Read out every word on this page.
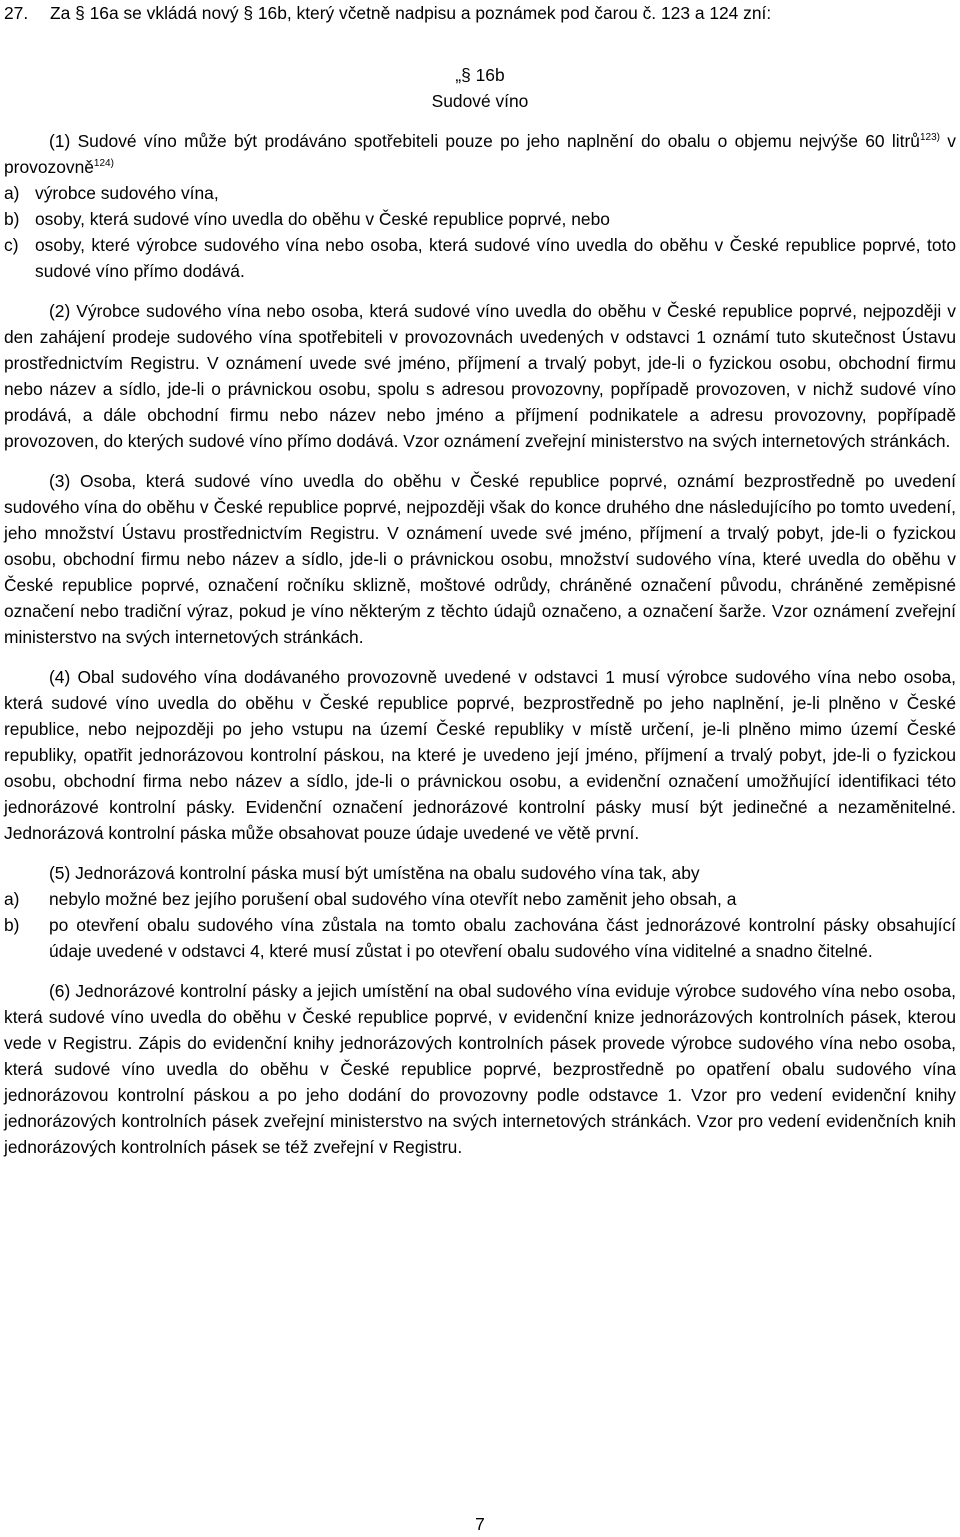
27. Za § 16a se vkládá nový § 16b, který včetně nadpisu a poznámek pod čarou č. 123 a 124 zní:

„§ 16b

Sudové víno

(1) Sudové víno může být prodáváno spotřebiteli pouze po jeho naplnění do obalu o objemu nejvýše 60 litrů$^{123)}$ v provozovně$^{124)}$

a) výrobce sudového vína,
b) osoby, která sudové víno uvedla do oběhu v České republice poprvé, nebo
c) osoby, které výrobce sudového vína nebo osoba, která sudové víno uvedla do oběhu v České republice poprvé, toto sudové víno přímo dodává.

(2) Výrobce sudového vína nebo osoba, která sudové víno uvedla do oběhu v České republice poprvé, nejpozději v den zahájení prodeje sudového vína spotřebiteli v provozovnách uvedených v odstavci 1 oznámí tuto skutečnost Ústavu prostřednictvím Registru. V oznámení uvede své jméno, příjmení a trvalý pobyt, jde-li o fyzickou osobu, obchodní firmu nebo název a sídlo, jde-li o právnickou osobu, spolu s adresou provozovny, popřípadě provozoven, v nichž sudové víno prodává, a dále obchodní firmu nebo název nebo jméno a příjmení podnikatele a adresu provozovny, popřípadě provozoven, do kterých sudové víno přímo dodává. Vzor oznámení zveřejní ministerstvo na svých internetových stránkách.

(3) Osoba, která sudové víno uvedla do oběhu v České republice poprvé, oznámí bezprostředně po uvedení sudového vína do oběhu v České republice poprvé, nejpozději však do konce druhého dne následujícího po tomto uvedení, jeho množství Ústavu prostřednictvím Registru. V oznámení uvede své jméno, příjmení a trvalý pobyt, jde-li o fyzickou osobu, obchodní firmu nebo název a sídlo, jde-li o právnickou osobu, množství sudového vína, které uvedla do oběhu v České republice poprvé, označení ročníku sklizně, moštové odrůdy, chráněné označení původu, chráněné zeměpisné označení nebo tradiční výraz, pokud je víno některým z těchto údajů označeno, a označení šarže. Vzor oznámení zveřejní ministerstvo na svých internetových stránkách.

(4) Obal sudového vína dodávaného provozovně uvedené v odstavci 1 musí výrobce sudového vína nebo osoba, která sudové víno uvedla do oběhu v České republice poprvé, bezprostředně po jeho naplnění, je-li plněno v České republice, nebo nejpozději po jeho vstupu na území České republiky v místě určení, je-li plněno mimo území České republiky, opatřit jednorázovou kontrolní páskou, na které je uvedeno její jméno, příjmení a trvalý pobyt, jde-li o fyzickou osobu, obchodní firma nebo název a sídlo, jde-li o právnickou osobu, a evidenční označení umožňující identifikaci této jednorázové kontrolní pásky. Evidenční označení jednorázové kontrolní pásky musí být jedinečné a nezaměnitelné. Jednorázová kontrolní páska může obsahovat pouze údaje uvedené ve větě první.

(5) Jednorázová kontrolní páska musí být umístěna na obalu sudového vína tak, aby

a)	nebylo možné bez jejího porušení obal sudového vína otevřít nebo zaměnit jeho obsah, a
b)	po otevření obalu sudového vína zůstala na tomto obalu zachována část jednorázové kontrolní pásky obsahující údaje uvedené v odstavci 4, které musí zůstat i po otevření obalu sudového vína viditelné a snadno čitelné.

(6) Jednorázové kontrolní pásky a jejich umístění na obal sudového vína eviduje výrobce sudového vína nebo osoba, která sudové víno uvedla do oběhu v České republice poprvé, v evidenční knize jednorázových kontrolních pásek, kterou vede v Registru. Zápis do evidenční knihy jednorázových kontrolních pásek provede výrobce sudového vína nebo osoba, která sudové víno uvedla do oběhu v České republice poprvé, bezprostředně po opatření obalu sudového vína jednorázovou kontrolní páskou a po jeho dodání do provozovny podle odstavce 1. Vzor pro vedení evidenční knihy jednorázových kontrolních pásek zveřejní ministerstvo na svých internetových stránkách. Vzor pro vedení evidenčních knih jednorázových kontrolních pásek se též zveřejní v Registru.

7
